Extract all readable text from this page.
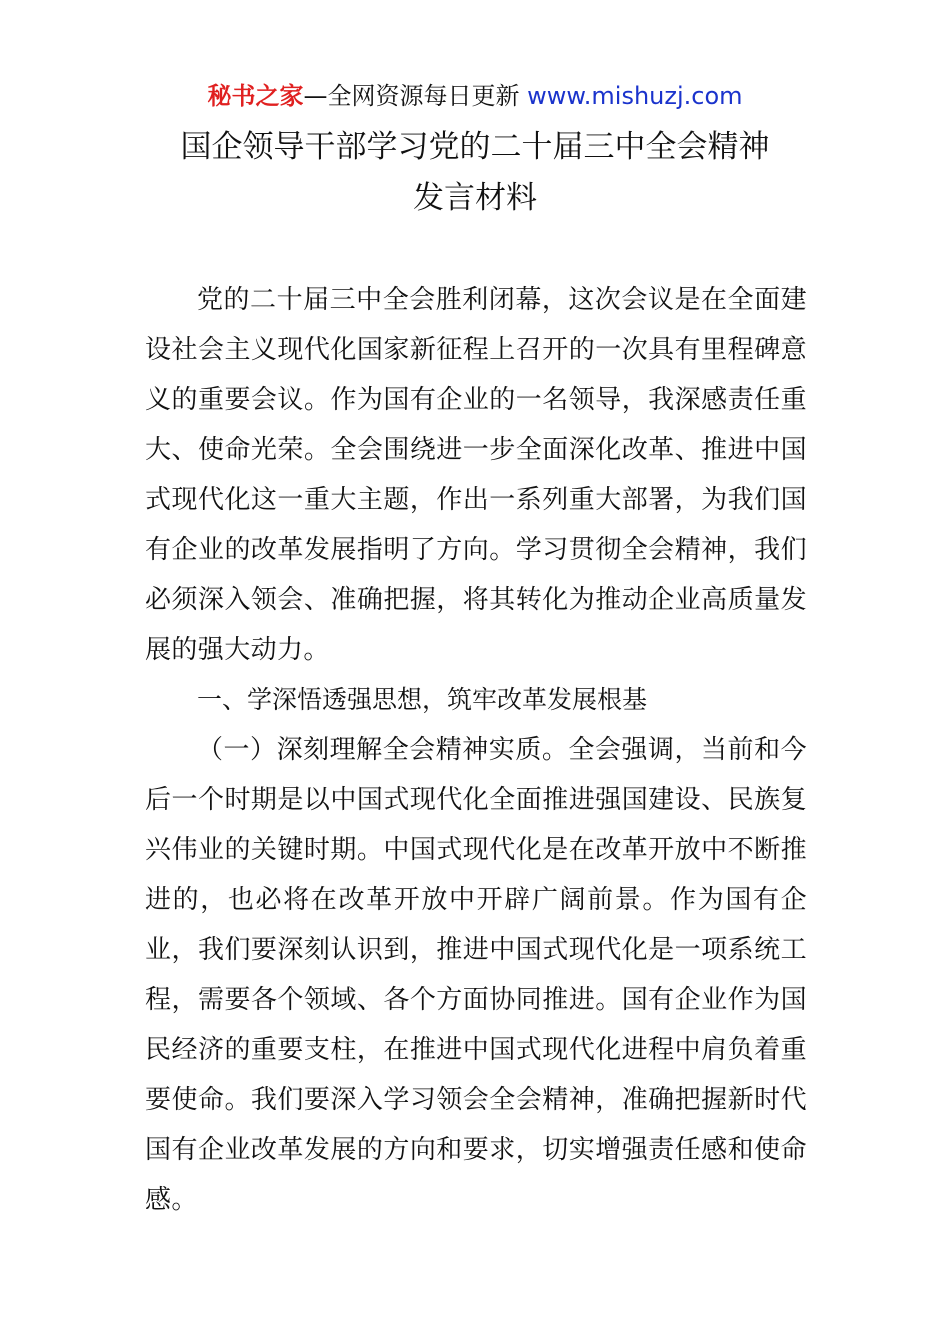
秘书之家—全网资源每日更新 www.mishuzj.com
国企领导干部学习党的二十届三中全会精神
发言材料

党的二十届三中全会胜利闭幕，这次会议是在全面建设社会主义现代化国家新征程上召开的一次具有里程碑意义的重要会议。作为国有企业的一名领导，我深感责任重大、使命光荣。全会围绕进一步全面深化改革、推进中国式现代化这一重大主题，作出一系列重大部署，为我们国有企业的改革发展指明了方向。学习贯彻全会精神，我们必须深入领会、准确把握，将其转化为推动企业高质量发展的强大动力。

一、学深悟透强思想，筑牢改革发展根基

（一）深刻理解全会精神实质。全会强调，当前和今后一个时期是以中国式现代化全面推进强国建设、民族复兴伟业的关键时期。中国式现代化是在改革开放中不断推进的，也必将在改革开放中开辟广阔前景。作为国有企业，我们要深刻认识到，推进中国式现代化是一项系统工程，需要各个领域、各个方面协同推进。国有企业作为国民经济的重要支柱，在推进中国式现代化进程中肩负着重要使命。我们要深入学习领会全会精神，准确把握新时代国有企业改革发展的方向和要求，切实增强责任感和使命感。
